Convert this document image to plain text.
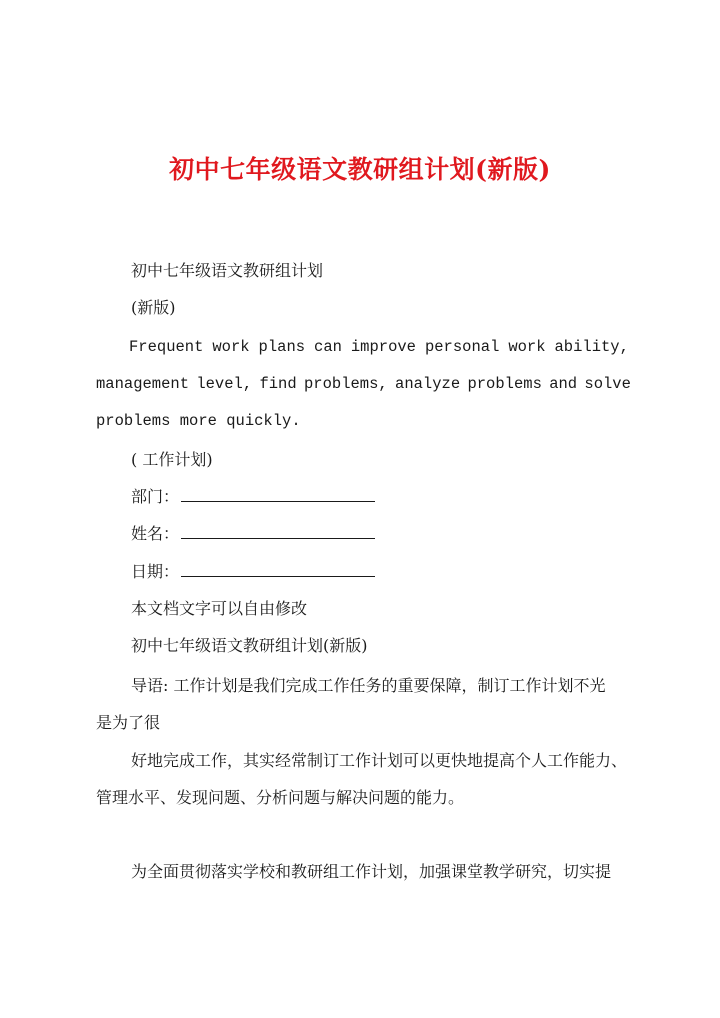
初中七年级语文教研组计划(新版)
初中七年级语文教研组计划
(新版)
Frequent work plans can improve personal work ability,
management level, find problems, analyze problems and solve
problems more quickly.
( 工作计划)
部门：
姓名：
日期：
本文档文字可以自由修改
初中七年级语文教研组计划(新版)
导语: 工作计划是我们完成工作任务的重要保障，制订工作计划不光
是为了很
好地完成工作，其实经常制订工作计划可以更快地提高个人工作能力、
管理水平、发现问题、分析问题与解决问题的能力。
为全面贯彻落实学校和教研组工作计划，加强课堂教学研究，切实提
